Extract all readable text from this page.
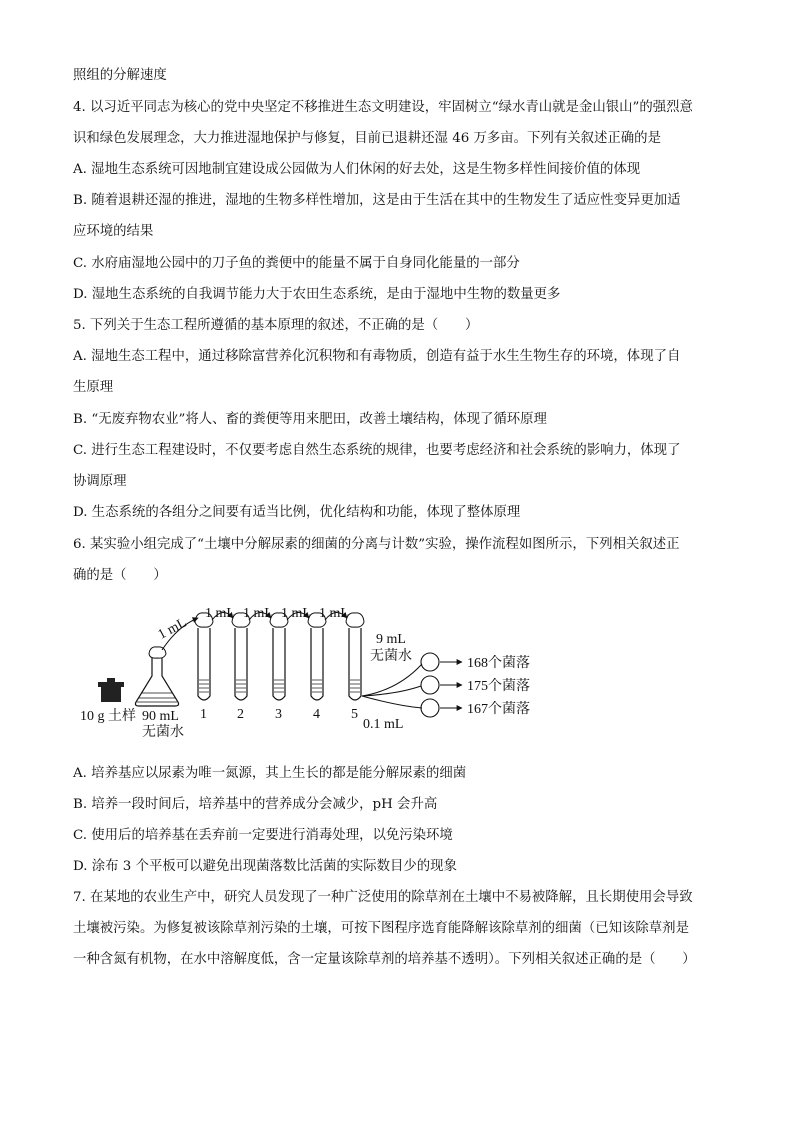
照组的分解速度
4. 以习近平同志为核心的党中央坚定不移推进生态文明建设，牢固树立“绿水青山就是金山银山”的强烈意
识和绿色发展理念，大力推进湿地保护与修复，目前已退耕还湿 46 万多亩。下列有关叙述正确的是
A. 湿地生态系统可因地制宜建设成公园做为人们休闲的好去处，这是生物多样性间接价值的体现
B. 随着退耕还湿的推进，湿地的生物多样性增加，这是由于生活在其中的生物发生了适应性变异更加适
应环境的结果
C. 水府庙湿地公园中的刀子鱼的粪便中的能量不属于自身同化能量的一部分
D. 湿地生态系统的自我调节能力大于农田生态系统，是由于湿地中生物的数量更多
5. 下列关于生态工程所遵循的基本原理的叙述，不正确的是（　　）
A. 湿地生态工程中，通过移除富营养化沉积物和有毒物质，创造有益于水生生物生存的环境，体现了自
生原理
B. “无废弃物农业”将人、畜的粪便等用来肥田，改善土壤结构，体现了循环原理
C. 进行生态工程建设时，不仅要考虑自然生态系统的规律，也要考虑经济和社会系统的影响力，体现了
协调原理
D. 生态系统的各组分之间要有适当比例，优化结构和功能，体现了整体原理
6. 某实验小组完成了“土壤中分解尿素的细菌的分离与计数”实验，操作流程如图所示，下列相关叙述正
确的是（　　）
1 mL
1 mL 1 mL 1 mL 1 mL
10 g 土样 90 mL
无菌水
1 2 3 4 5
9 mL
无菌水
0.1 mL
168个菌落
175个菌落
167个菌落
A. 培养基应以尿素为唯一氮源，其上生长的都是能分解尿素的细菌
B. 培养一段时间后，培养基中的营养成分会减少，pH 会升高
C. 使用后的培养基在丢弃前一定要进行消毒处理，以免污染环境
D. 涂布 3 个平板可以避免出现菌落数比活菌的实际数目少的现象
7. 在某地的农业生产中，研究人员发现了一种广泛使用的除草剂在土壤中不易被降解，且长期使用会导致
土壤被污染。为修复被该除草剂污染的土壤，可按下图程序选育能降解该除草剂的细菌（已知该除草剂是
一种含氮有机物，在水中溶解度低，含一定量该除草剂的培养基不透明）。下列相关叙述正确的是（　　）
